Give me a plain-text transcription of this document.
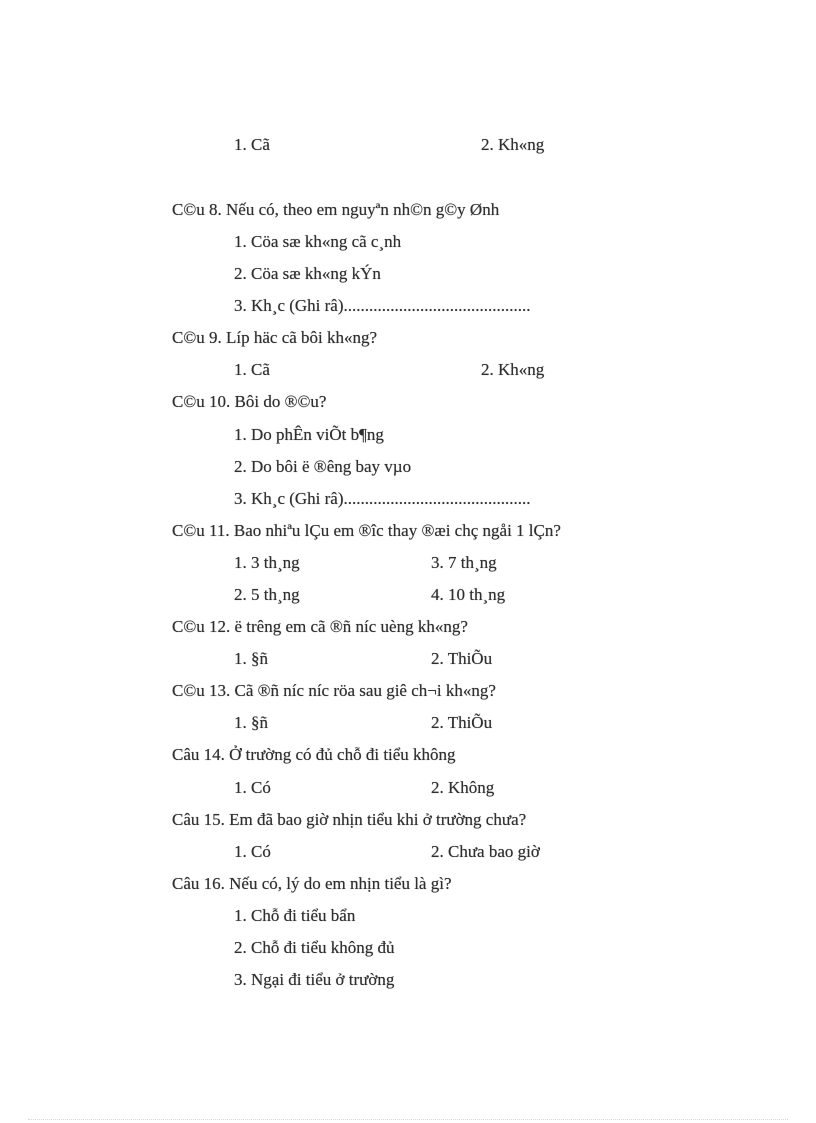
1. Cã	2. Kh«ng
C©u 8. Nếu có, theo em nguyªn nh©n g©y Ønh
1. Cöa sæ kh«ng cã c¸nh
2. Cöa sæ kh«ng kÝn
3. Kh¸c (Ghi râ)............................................
C©u 9. Líp häc cã bôi kh«ng?
1. Cã	2. Kh«ng
C©u 10. Bôi do ®©u?
1. Do phÊn viÕt b¶ng
2. Do bôi ë ®êng bay vµo
3. Kh¸c (Ghi râ)............................................
C©u 11. Bao nhiªu lÇu em ®îc thay ®æi chç ngåi 1 lÇn?
1. 3 th¸ng	3. 7 th¸ng
2. 5 th¸ng	4. 10 th¸ng
C©u 12. ë trêng em cã ®ñ níc uèng kh«ng?
1. §ñ	2. ThiÕu
C©u 13. Cã ®ñ níc níc röa sau giê ch¬i kh«ng?
1. §ñ	2. ThiÕu
Câu 14. Ở trường có đủ chỗ đi tiểu không
1. Có	2. Không
Câu 15. Em đã bao giờ nhịn tiểu khi ở trường chưa?
1. Có	2. Chưa bao giờ
Câu 16. Nếu có, lý do em nhịn tiểu là gì?
1. Chỗ đi tiểu bẩn
2. Chỗ đi tiểu không đủ
3. Ngại đi tiểu ở trường
